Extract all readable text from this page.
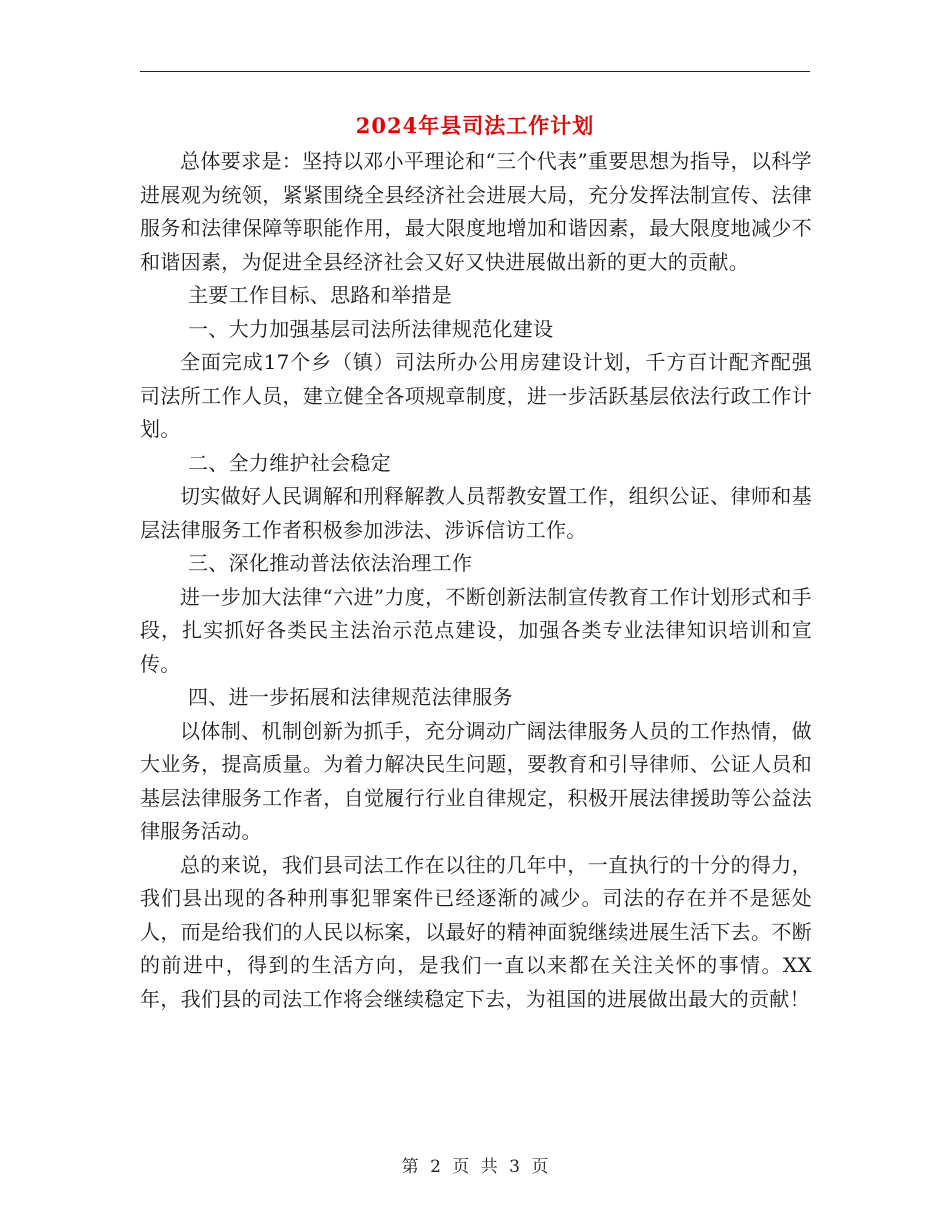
2024年县司法工作计划

总体要求是：坚持以邓小平理论和“三个代表”重要思想为指导，以科学进展观为统领，紧紧围绕全县经济社会进展大局，充分发挥法制宣传、法律服务和法律保障等职能作用，最大限度地增加和谐因素，最大限度地减少不和谐因素，为促进全县经济社会又好又快进展做出新的更大的贡献。

主要工作目标、思路和举措是

一、大力加强基层司法所法律规范化建设

全面完成17个乡（镇）司法所办公用房建设计划，千方百计配齐配强司法所工作人员，建立健全各项规章制度，进一步活跃基层依法行政工作计划。

二、全力维护社会稳定

切实做好人民调解和刑释解教人员帮教安置工作，组织公证、律师和基层法律服务工作者积极参加涉法、涉诉信访工作。

三、深化推动普法依法治理工作

进一步加大法律“六进”力度，不断创新法制宣传教育工作计划形式和手段，扎实抓好各类民主法治示范点建设，加强各类专业法律知识培训和宣传。

四、进一步拓展和法律规范法律服务

以体制、机制创新为抓手，充分调动广阔法律服务人员的工作热情，做大业务，提高质量。为着力解决民生问题，要教育和引导律师、公证人员和基层法律服务工作者，自觉履行行业自律规定，积极开展法律援助等公益法律服务活动。

总的来说，我们县司法工作在以往的几年中，一直执行的十分的得力，我们县出现的各种刑事犯罪案件已经逐渐的减少。司法的存在并不是惩处人，而是给我们的人民以标案，以最好的精神面貌继续进展生活下去。不断的前进中，得到的生活方向，是我们一直以来都在关注关怀的事情。XX年，我们县的司法工作将会继续稳定下去，为祖国的进展做出最大的贡献！

第 2 页 共 3 页
